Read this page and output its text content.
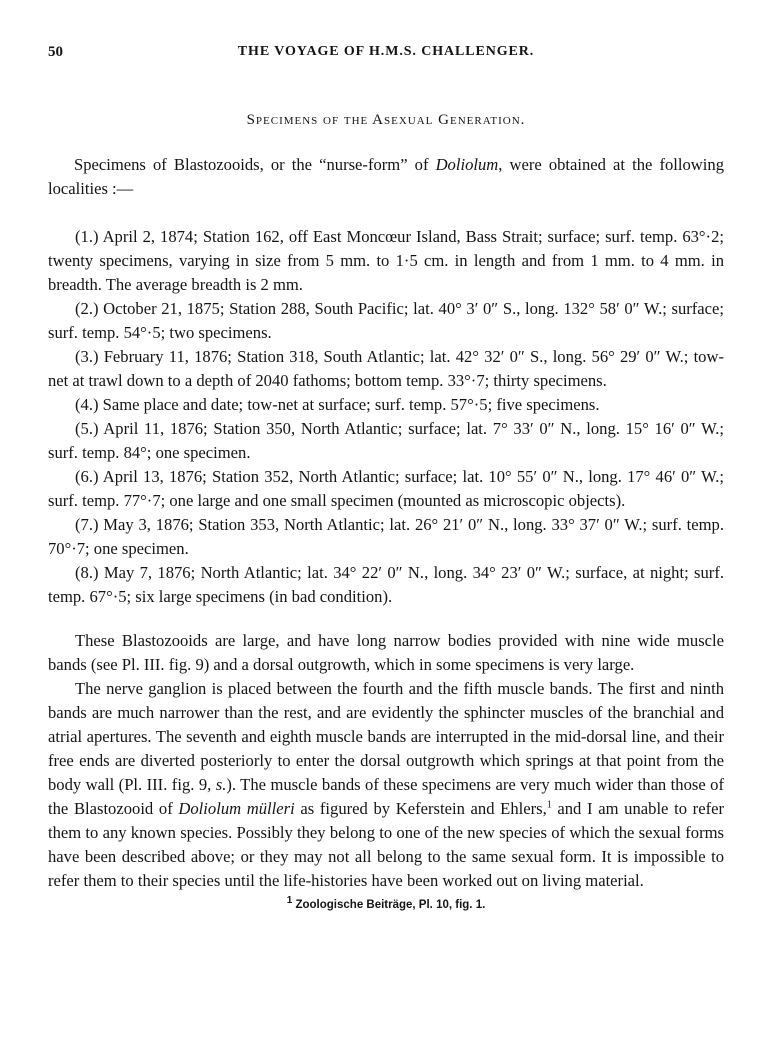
50	THE VOYAGE OF H.M.S. CHALLENGER.
Specimens of the Asexual Generation.

Specimens of Blastozooids, or the “nurse-form” of Doliolum, were obtained at the following localities :—

(1.) April 2, 1874; Station 162, off East Moncœur Island, Bass Strait; surface; surf. temp. 63°·2; twenty specimens, varying in size from 5 mm. to 1·5 cm. in length and from 1 mm. to 4 mm. in breadth. The average breadth is 2 mm.

(2.) October 21, 1875; Station 288, South Pacific; lat. 40° 3′ 0″ S., long. 132° 58′ 0″ W.; surface; surf. temp. 54°·5; two specimens.

(3.) February 11, 1876; Station 318, South Atlantic; lat. 42° 32′ 0″ S., long. 56° 29′ 0″ W.; tow-net at trawl down to a depth of 2040 fathoms; bottom temp. 33°·7; thirty specimens.

(4.) Same place and date; tow-net at surface; surf. temp. 57°·5; five specimens.

(5.) April 11, 1876; Station 350, North Atlantic; surface; lat. 7° 33′ 0″ N., long. 15° 16′ 0″ W.; surf. temp. 84°; one specimen.

(6.) April 13, 1876; Station 352, North Atlantic; surface; lat. 10° 55′ 0″ N., long. 17° 46′ 0″ W.; surf. temp. 77°·7; one large and one small specimen (mounted as microscopic objects).

(7.) May 3, 1876; Station 353, North Atlantic; lat. 26° 21′ 0″ N., long. 33° 37′ 0″ W.; surf. temp. 70°·7; one specimen.

(8.) May 7, 1876; North Atlantic; lat. 34° 22′ 0″ N., long. 34° 23′ 0″ W.; surface, at night; surf. temp. 67°·5; six large specimens (in bad condition).

These Blastozooids are large, and have long narrow bodies provided with nine wide muscle bands (see Pl. III. fig. 9) and a dorsal outgrowth, which in some specimens is very large.

The nerve ganglion is placed between the fourth and the fifth muscle bands. The first and ninth bands are much narrower than the rest, and are evidently the sphincter muscles of the branchial and atrial apertures. The seventh and eighth muscle bands are interrupted in the mid-dorsal line, and their free ends are diverted posteriorly to enter the dorsal outgrowth which springs at that point from the body wall (Pl. III. fig. 9, s.). The muscle bands of these specimens are very much wider than those of the Blastozooid of Doliolum mülleri as figured by Keferstein and Ehlers,$^1$ and I am unable to refer them to any known species. Possibly they belong to one of the new species of which the sexual forms have been described above; or they may not all belong to the same sexual form. It is impossible to refer them to their species until the life-histories have been worked out on living material.

$^1$ Zoologische Beiträge, Pl. 10, fig. 1.
